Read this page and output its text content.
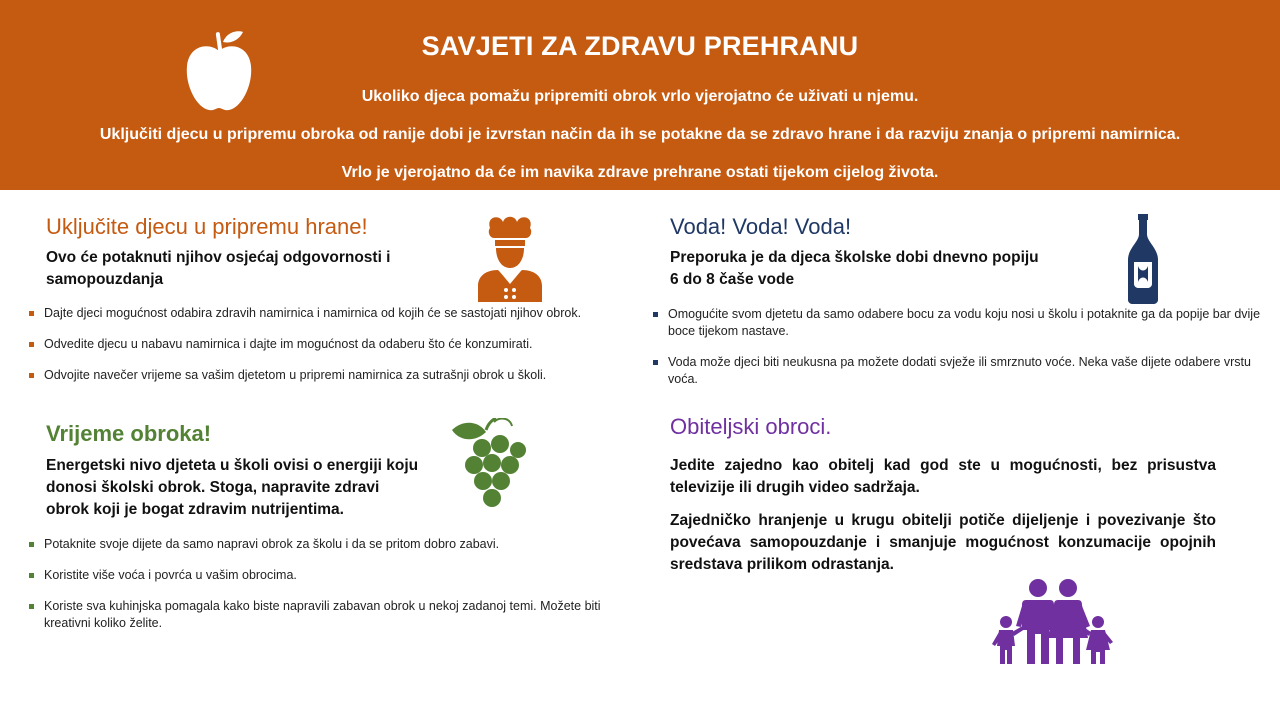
SAVJETI ZA ZDRAVU PREHRANU
Ukoliko djeca pomažu pripremiti obrok vrlo vjerojatno će uživati u njemu.
Uključiti djecu u pripremu obroka od ranije dobi je izvrstan način da ih se potakne da se zdravo hrane i da razviju znanja o pripremi namirnica.
Vrlo je vjerojatno da će im navika zdrave prehrane ostati tijekom cijelog života.
Uključite djecu u pripremu hrane!
Ovo će potaknuti njihov osjećaj odgovornosti i samopouzdanja
Dajte djeci mogućnost odabira zdravih namirnica i namirnica od kojih će se sastojati njihov obrok.
Odvedite djecu u nabavu namirnica i dajte im mogućnost da odaberu što će konzumirati.
Odvojite navečer vrijeme sa vašim djetetom u pripremi namirnica za sutrašnji obrok u školi.
Vrijeme obroka!
Energetski nivo djeteta u školi ovisi o energiji koju donosi školski obrok. Stoga, napravite zdravi obrok koji je bogat zdravim nutrijentima.
Potaknite svoje dijete da samo napravi obrok za školu i da se pritom dobro zabavi.
Koristite više voća i povrća u vašim obrocima.
Koriste sva kuhinjska pomagala kako biste napravili zabavan obrok u nekoj zadanoj temi. Možete biti kreativni koliko želite.
Voda! Voda! Voda!
Preporuka je da djeca školske dobi dnevno popiju 6 do 8 čaše vode
Omogućite svom djetetu da samo odabere bocu za vodu koju nosi u školu i potaknite ga da popije bar dvije boce tijekom nastave.
Voda može djeci biti neukusna pa možete dodati svježe ili smrznuto voće. Neka vaše dijete odabere vrstu voća.
Obiteljski obroci.

Jedite zajedno kao obitelj kad god ste u mogućnosti, bez prisustva televizije ili drugih video sadržaja.

Zajedničko hranjenje u krugu obitelji potiče dijeljenje i povezivanje što povećava samopouzdanje i smanjuje mogućnost konzumacije opojnih sredstava prilikom odrastanja.
